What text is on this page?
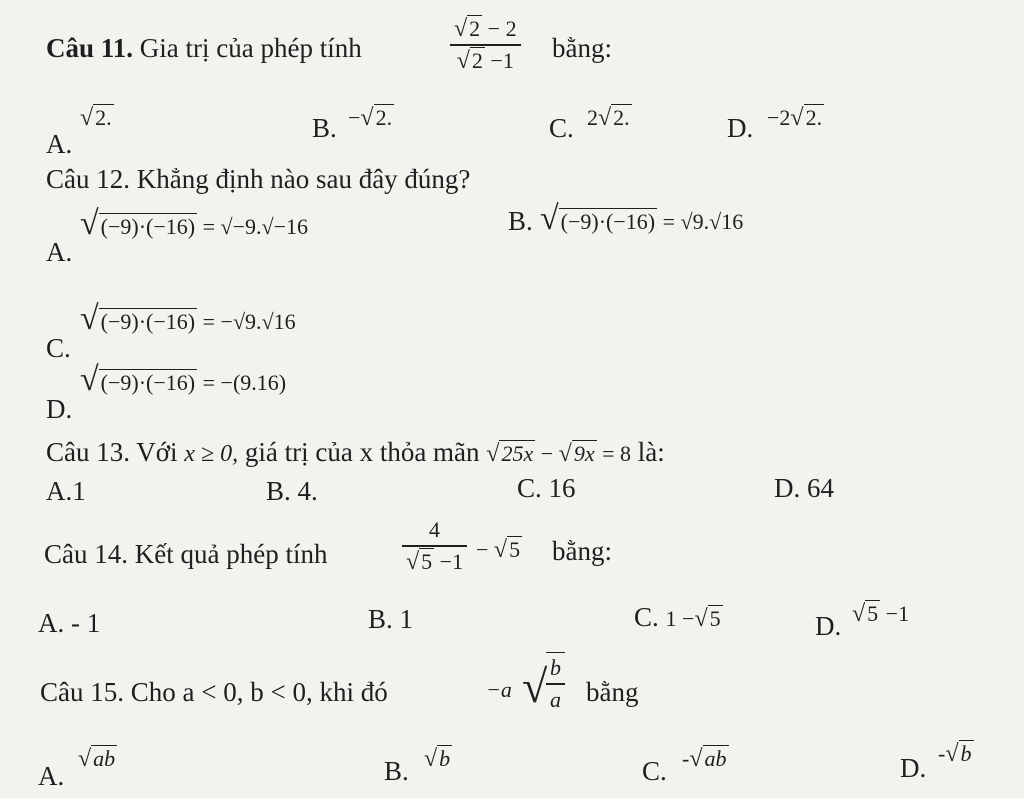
Câu 11. Gia trị của phép tính	$\frac{√2 - 2}{√2 -1}$ bằng:
A.
√2.	B. −√2.	C. 2√2.	D. −2√2.
Câu 12. Khẳng định nào sau đây đúng?
A.
√(−9)·(−16) = √−9.√−16	B. √(−9)·(−16) = √9.√16
C.
√(−9)·(−16) = −√9.√16
D.
√(−9)·(−16) = −(9.16)
Câu 13. Với x ≥ 0, giá trị của x thỏa mãn √25x − √9x = 8 là:
A.1	B. 4.	C. 16	D. 64
Câu 14. Kết quả phép tính	$\frac{4}{√5 -1} - √5$ bằng:
A. - 1	B. 1	C. 1 −√5	D. √5 −1
Câu 15. Cho a < 0, b < 0, khi đó	−a √
$\frac{b}{a}$ bằng
A.
√ab	B. √b	C. -√ab	D. -√b
